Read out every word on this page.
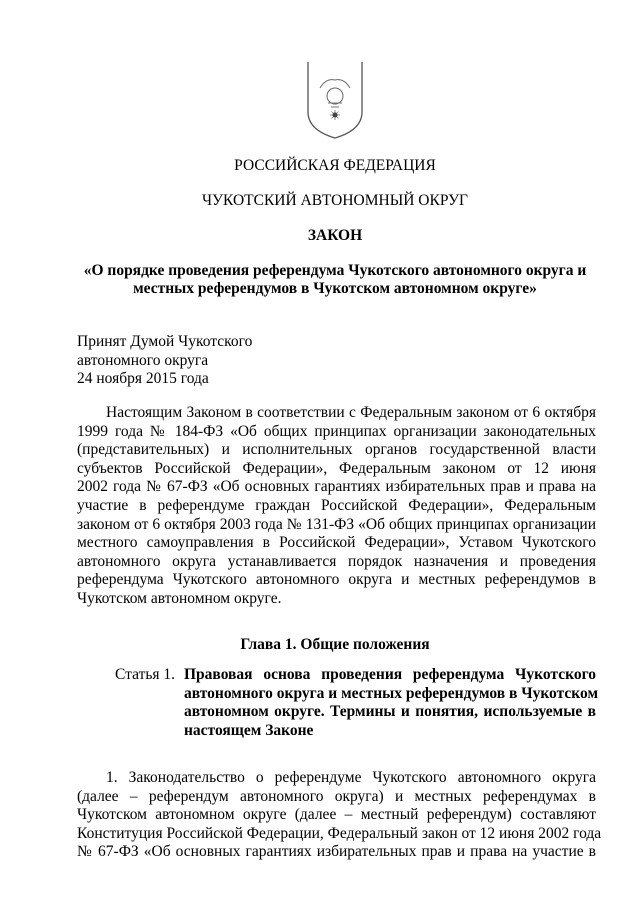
РОССИЙСКАЯ ФЕДЕРАЦИЯ
ЧУКОТСКИЙ АВТОНОМНЫЙ ОКРУГ
ЗАКОН
«О порядке проведения референдума Чукотского автономного округа и
местных референдумов в Чукотском автономном округе»
Принят Думой Чукотского
автономного округа
24 ноября 2015 года
Настоящим Законом в соответствии с Федеральным законом от 6 октября
1999 года № 184-ФЗ «Об общих принципах организации законодательных
(представительных) и исполнительных органов государственной власти
субъектов Российской Федерации», Федеральным законом от 12 июня
2002 года № 67-ФЗ «Об основных гарантиях избирательных прав и права на
участие в референдуме граждан Российской Федерации», Федеральным
законом от 6 октября 2003 года № 131-ФЗ «Об общих принципах организации
местного самоуправления в Российской Федерации», Уставом Чукотского
автономного округа устанавливается порядок назначения и проведения
референдума Чукотского автономного округа и местных референдумов в
Чукотском автономном округе.
Глава 1. Общие положения
Статья 1. Правовая основа проведения референдума Чукотского
автономного округа и местных референдумов в Чукотском
автономном округе. Термины и понятия, используемые в
настоящем Законе
1. Законодательство о референдуме Чукотского автономного округа
(далее – референдум автономного округа) и местных референдумах в
Чукотском автономном округе (далее – местный референдум) составляют
Конституция Российской Федерации, Федеральный закон от 12 июня 2002 года
№ 67-ФЗ «Об основных гарантиях избирательных прав и права на участие в
